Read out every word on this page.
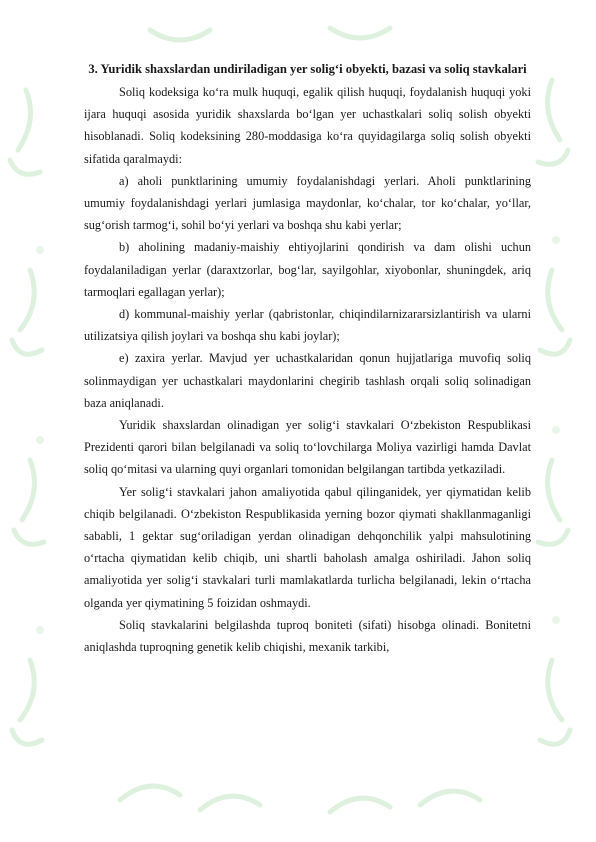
3. Yuridik shaxslardan undiriladigan yer solig‘i obyekti, bazasi va soliq stavkalari

Soliq kodeksiga ko‘ra mulk huquqi, egalik qilish huquqi, foydalanish huquqi yoki ijara huquqi asosida yuridik shaxslarda bo‘lgan yer uchastkalari soliq solish obyekti hisoblanadi. Soliq kodeksining 280-moddasiga ko‘ra quyidagilarga soliq solish obyekti sifatida qaralmaydi:

a) aholi punktlarining umumiy foydalanishdagi yerlari. Aholi punktlarining umumiy foydalanishdagi yerlari jumlasiga maydonlar, ko‘chalar, tor ko‘chalar, yo‘llar, sug‘orish tarmog‘i, sohil bo‘yi yerlari va boshqa shu kabi yerlar;

b) aholining madaniy-maishiy ehtiyojlarini qondirish va dam olishi uchun foydalaniladigan yerlar (daraxtzorlar, bog‘lar, sayilgohlar, xiyobonlar, shuningdek, ariq tarmoqlari egallagan yerlar);

d) kommunal-maishiy yerlar (qabristonlar, chiqindilarnizararsizlantirish va ularni utilizatsiya qilish joylari va boshqa shu kabi joylar);

e) zaxira yerlar. Mavjud yer uchastkalaridan qonun hujjatlariga muvofiq soliq solinmaydigan yer uchastkalari maydonlarini chegirib tashlash orqali soliq solinadigan baza aniqlanadi.

Yuridik shaxslardan olinadigan yer solig‘i stavkalari O‘zbekiston Respublikasi Prezidenti qarori bilan belgilanadi va soliq to‘lovchilarga Moliya vazirligi hamda Davlat soliq qo‘mitasi va ularning quyi organlari tomonidan belgilangan tartibda yetkaziladi.

Yer solig‘i stavkalari jahon amaliyotida qabul qilinganidek, yer qiymatidan kelib chiqib belgilanadi. O‘zbekiston Respublikasida yerning bozor qiymati shakllanmaganligi sababli, 1 gektar sug‘oriladigan yerdan olinadigan dehqonchilik yalpi mahsulotining o‘rtacha qiymatidan kelib chiqib, uni shartli baholash amalga oshiriladi. Jahon soliq amaliyotida yer solig‘i stavkalari turli mamlakatlarda turlicha belgilanadi, lekin o‘rtacha olganda yer qiymatining 5 foizidan oshmaydi.

Soliq stavkalarini belgilashda tuproq boniteti (sifati) hisobga olinadi. Bonitetni aniqlashda tuproqning genetik kelib chiqishi, mexanik tarkibi,
